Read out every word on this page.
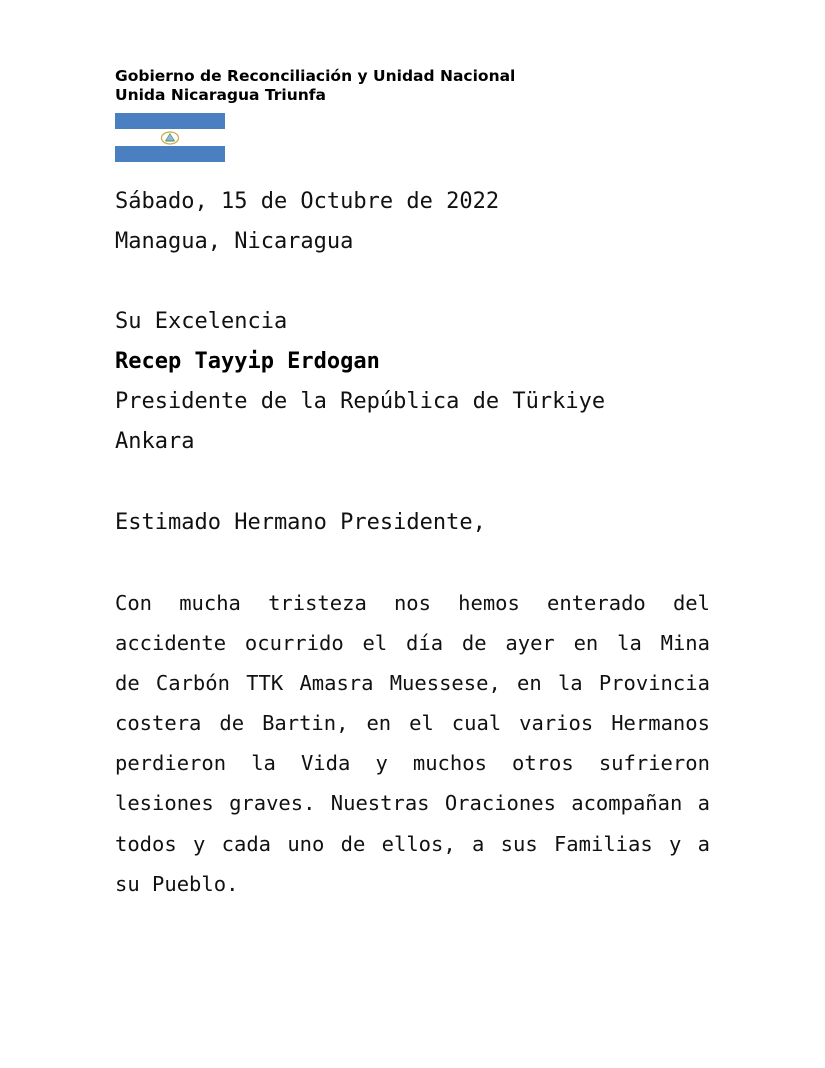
Gobierno de Reconciliación y Unidad Nacional
Unida Nicaragua Triunfa

Sábado, 15 de Octubre de 2022

Managua, Nicaragua

Su Excelencia

Recep Tayyip Erdogan

Presidente de la República de Türkiye

Ankara

Estimado Hermano Presidente,

Con mucha tristeza nos hemos enterado del
accidente ocurrido el día de ayer en la Mina
de Carbón TTK Amasra Muessese, en la Provincia
costera de Bartin, en el cual varios Hermanos
perdieron la Vida y muchos otros sufrieron
lesiones graves. Nuestras Oraciones acompañan a
todos y cada uno de ellos, a sus Familias y a
su Pueblo.
